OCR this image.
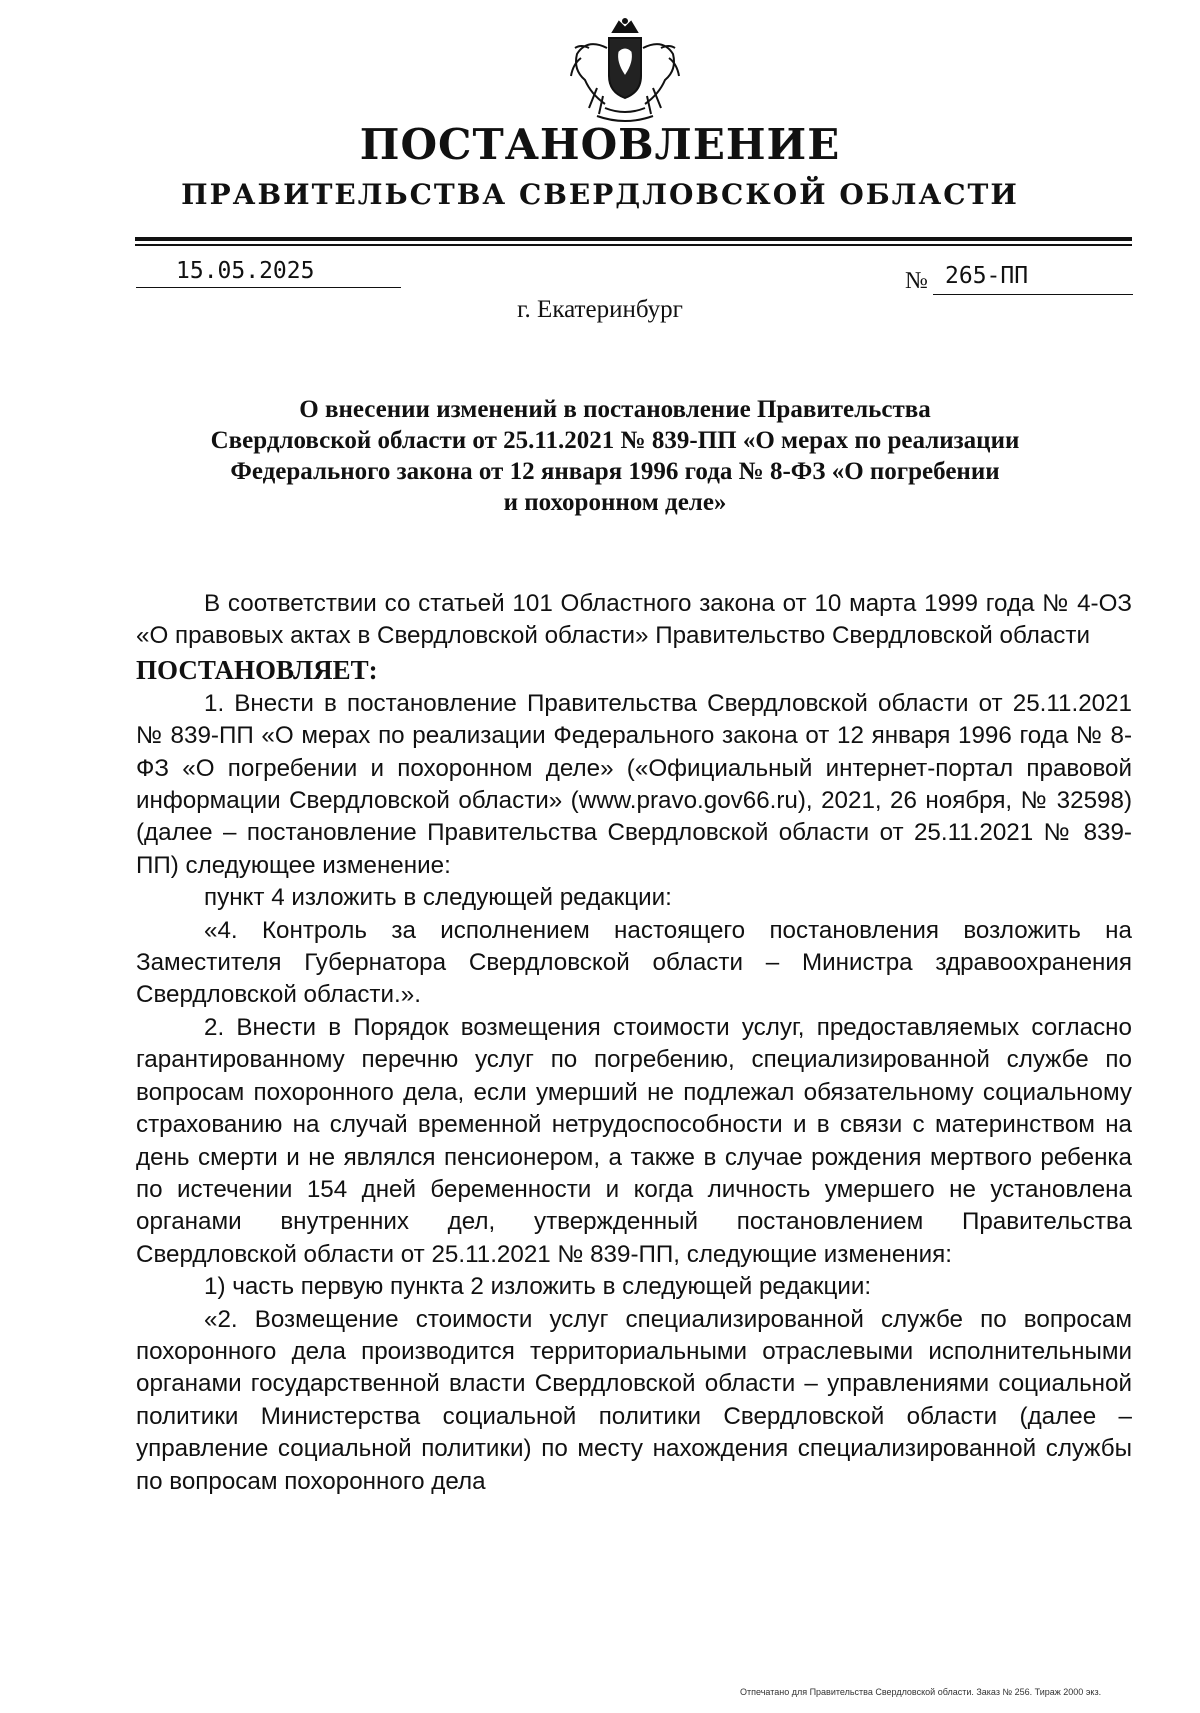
ПОСТАНОВЛЕНИЕ
ПРАВИТЕЛЬСТВА СВЕРДЛОВСКОЙ ОБЛАСТИ
15.05.2025	№ 265-ПП
г. Екатеринбург
О внесении изменений в постановление Правительства
Свердловской области от 25.11.2021 № 839-ПП «О мерах по реализации
Федерального закона от 12 января 1996 года № 8-ФЗ «О погребении
и похоронном деле»

В соответствии со статьей 101 Областного закона от 10 марта 1999 года № 4-ОЗ «О правовых актах в Свердловской области» Правительство Свердловской области

ПОСТАНОВЛЯЕТ:

1. Внести в постановление Правительства Свердловской области от 25.11.2021 № 839-ПП «О мерах по реализации Федерального закона от 12 января 1996 года № 8-ФЗ «О погребении и похоронном деле» («Официальный интернет-портал правовой информации Свердловской области» (www.pravo.gov66.ru), 2021, 26 ноября, № 32598) (далее – постановление Правительства Свердловской области от 25.11.2021 № 839-ПП) следующее изменение:

пункт 4 изложить в следующей редакции:

«4. Контроль за исполнением настоящего постановления возложить на Заместителя Губернатора Свердловской области – Министра здравоохранения Свердловской области.».

2. Внести в Порядок возмещения стоимости услуг, предоставляемых согласно гарантированному перечню услуг по погребению, специализированной службе по вопросам похоронного дела, если умерший не подлежал обязательному социальному страхованию на случай временной нетрудоспособности и в связи с материнством на день смерти и не являлся пенсионером, а также в случае рождения мертвого ребенка по истечении 154 дней беременности и когда личность умершего не установлена органами внутренних дел, утвержденный постановлением Правительства Свердловской области от 25.11.2021 № 839-ПП, следующие изменения:

1) часть первую пункта 2 изложить в следующей редакции:

«2. Возмещение стоимости услуг специализированной службе по вопросам похоронного дела производится территориальными отраслевыми исполнительными органами государственной власти Свердловской области – управлениями социальной политики Министерства социальной политики Свердловской области (далее – управление социальной политики) по месту нахождения специализированной службы по вопросам похоронного дела

Отпечатано для Правительства Свердловской области. Заказ № 256. Тираж 2000 экз.
